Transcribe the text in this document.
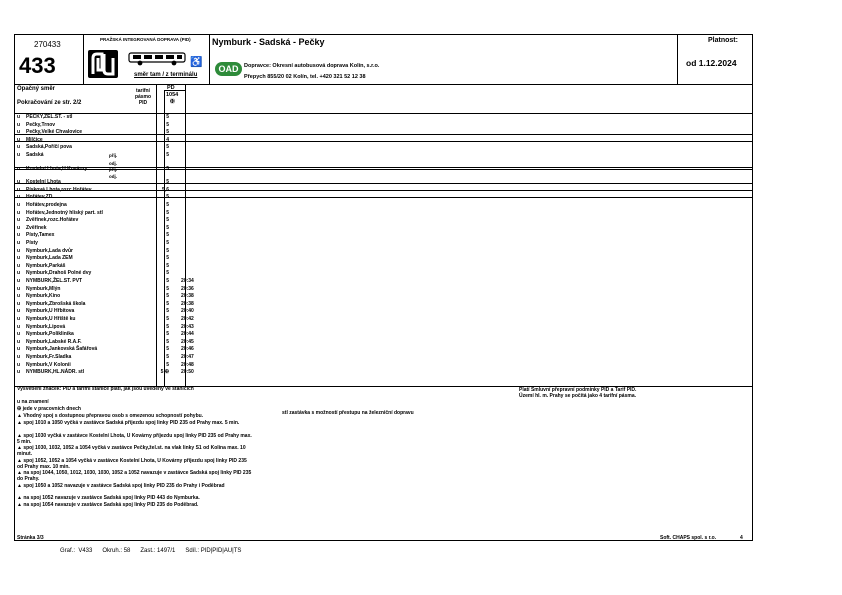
270433
433
PRAŽSKÁ INTEGROVANÁ DOPRAVA (PID)
♿
směr tam / z terminálu
Nymburk - Sadská - Pečky
OAD	Dopravce: Okresní autobusová doprava Kolín, s.r.o.
Přepych 855/20 02 Kolín, tel. +420 321 52 12 38
Platnost:
od 1.12.2024
Opačný směr
Pokračování ze str. 2/2
tarifní pásmo PID
PD
1054
✠
u PEČKY,ŽEL.ST. - stl	5
u Pečky,Trnov	5
u Pečky,Velké Chvalovice	5
u Milčice	4
u Sadská,Poříčí pova	5
u Sadská	příj.	5
odj.
u Kostelní Lhota,U Kovárny	příj.	5
odj.
u Kostelní Lhota	5
u Písková Lhota,rozc.Hořátev	5,6
u Hořátev,ZD	5
u Hořátev,prodejna	5
u Hořátev,Jednotný hliský part. stl	5
u Zvěřínek,rozc.Hořátev	5
u Zvěřínek	5
u Písty,Tamex	5
u Písty	5
u Nymburk,Lada dvůr	5
u Nymburk,Lada ZEM	5
u Nymburk,Parkáš	5
u Nymburk,Drahoš Polné dvy	5
u NYMBURK,ŽEL.ST. PVT	5 20:34
u Nymburk,Mlýn	5 20:36
u Nymburk,Kino	5 20:38
u Nymburk,Zbrošská škola	5 20:38
u Nymburk,U Hřbitova	5 20:40
u Nymburk,U Hřiště ku	5 20:42
u Nymburk,Lipová	5 20:43
u Nymburk,Poliklinika	5 20:44
u Nymburk,Labské R.A.F.	5 20:45
u Nymburk,Jankovská Šafářová	5 20:46
u Nymburk,Fr.Sladka	5 20:47
u Nymburk,V Kolonii	5 20:48
u NYMBURK,HL.NÁDR. stl	5 ✠ 20:50
Vysvětlení značek: PID a tarifní stanice platí, jak jsou uvedeny ve stanicích
u na znamení
✠ jede v pracovních dnech
▲ Vhodný spoj s dostupnou přepravou osob s omezenou schopností pohybu.
▲ spoj 1010 a 1050 vyčká v zastávce Sadská příjezdu spoj linky PID 235 od Prahy max. 5 min.
▲ spoj 1030 vyčká v zastávce Kostelní Lhota, U Kovárny příjezdu spoj linky PID 235 od Prahy max. 5 min.
▲ spoj 1030, 1032, 1052 a 1054 vyčká v zastávce Pečky,žel.st. na vlak linky S1 od Kolína max. 10 minut.
▲ spoj 1052, 1052 a 1054 vyčká v zastávce Kostelní Lhota, U Kovárny příjezdu spoj linky PID 235 od Prahy max. 10 min.
▲ na spoj 1044, 1050, 1012, 1030, 1030, 1052 a 1052 navazuje v zastávce Sadská spoj linky PID 235 do Prahy.
▲ spoj 1050 a 1052 navazuje v zastávce Sadská spoj linky PID 235 do Prahy i Poděbrad
▲ na spoj 1052 navazuje v zastávce Sadská spoj linky PID 443 do Nymburka.
▲ na spoj 1054 navazuje v zastávce Sadská spoj linky PID 235 do Poděbrad.
stl zastávka s možností přestupu na železniční dopravu
Platí Smluvní přepravní podmínky PID a Tarif PID.
Území hl. m. Prahy se počítá jako 4 tarifní pásma.
Stránka 3/3	Soft. CHAPS spol. s r.o.	4
Graf.:  V433      Okruh.: 58      Zast.: 1497/1      Sdíl.: PID|PID|AU|TS
